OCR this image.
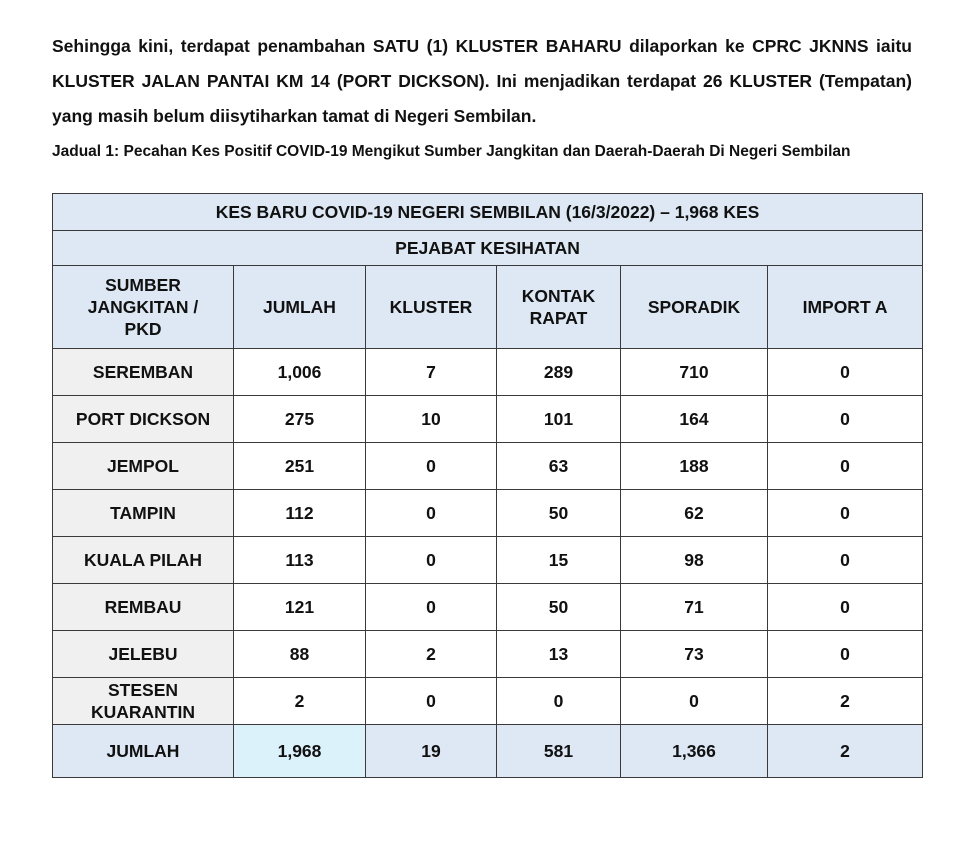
Sehingga kini, terdapat penambahan SATU (1) KLUSTER BAHARU dilaporkan ke CPRC JKNNS iaitu KLUSTER JALAN PANTAI KM 14 (PORT DICKSON). Ini menjadikan terdapat 26 KLUSTER (Tempatan) yang masih belum diisytiharkan tamat di Negeri Sembilan.

Jadual 1: Pecahan Kes Positif COVID-19 Mengikut Sumber Jangkitan dan Daerah-Daerah Di Negeri Sembilan
KES BARU COVID-19 NEGERI SEMBILAN (16/3/2022) – 1,968 KES					
PEJABAT KESIHATAN					
SUMBER JANGKITAN / PKD	JUMLAH	KLUSTER	KONTAK RAPAT	SPORADIK	IMPORT A
SEREMBAN	1,006	7	289	710	0
PORT DICKSON	275	10	101	164	0
JEMPOL	251	0	63	188	0
TAMPIN	112	0	50	62	0
KUALA PILAH	113	0	15	98	0
REMBAU	121	0	50	71	0
JELEBU	88	2	13	73	0
STESEN KUARANTIN	2	0	0	0	2
JUMLAH	1,968	19	581	1,366	2
